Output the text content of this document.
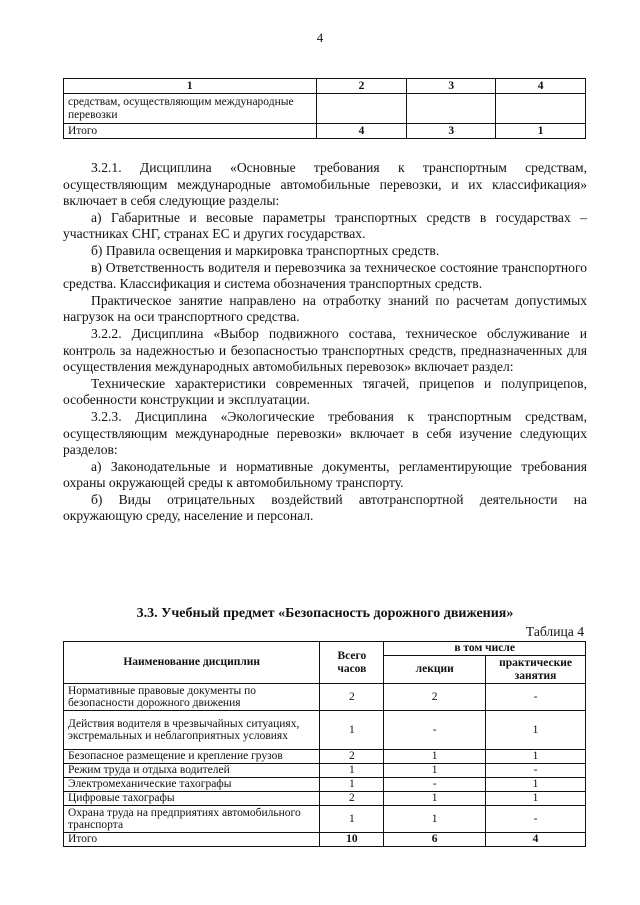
4
1	2	3	4
средствам, осуществляющим международные перевозки			
Итого	4	3	1

3.2.1. Дисциплина «Основные требования к транспортным средствам, осуществляющим международные автомобильные перевозки, и их классификация» включает в себя следующие разделы:

а) Габаритные и весовые параметры транспортных средств в государствах – участниках СНГ, странах ЕС и других государствах.

б) Правила освещения и маркировка транспортных средств.

в) Ответственность водителя и перевозчика за техническое состояние транспортного средства. Классификация и система обозначения транспортных средств.

Практическое занятие направлено на отработку знаний по расчетам допустимых нагрузок на оси транспортного средства.

3.2.2. Дисциплина «Выбор подвижного состава, техническое обслуживание и контроль за надежностью и безопасностью транспортных средств, предназначенных для осуществления международных автомобильных перевозок» включает раздел:

Технические характеристики современных тягачей, прицепов и полуприцепов, особенности конструкции и эксплуатации.

3.2.3. Дисциплина «Экологические требования к транспортным средствам, осуществляющим международные перевозки» включает в себя изучение следующих разделов:

а) Законодательные и нормативные документы, регламентирующие требования охраны окружающей среды к автомобильному транспорту.

б) Виды отрицательных воздействий автотранспортной деятельности на окружающую среду, население и персонал.

3.3. Учебный предмет «Безопасность дорожного движения»
Таблица 4
Наименование дисциплин	Всего часов	в том числе	
		лекции	практические занятия
Нормативные правовые документы по безопасности дорожного движения	2	2	-
Действия водителя в чрезвычайных ситуациях, экстремальных и неблагоприятных условиях	1	-	1
Безопасное размещение и крепление грузов	2	1	1
Режим труда и отдыха водителей	1	1	-
Электромеханические тахографы	1	-	1
Цифровые тахографы	2	1	1
Охрана труда на предприятиях автомобильного транспорта	1	1	-
Итого	10	6	4
